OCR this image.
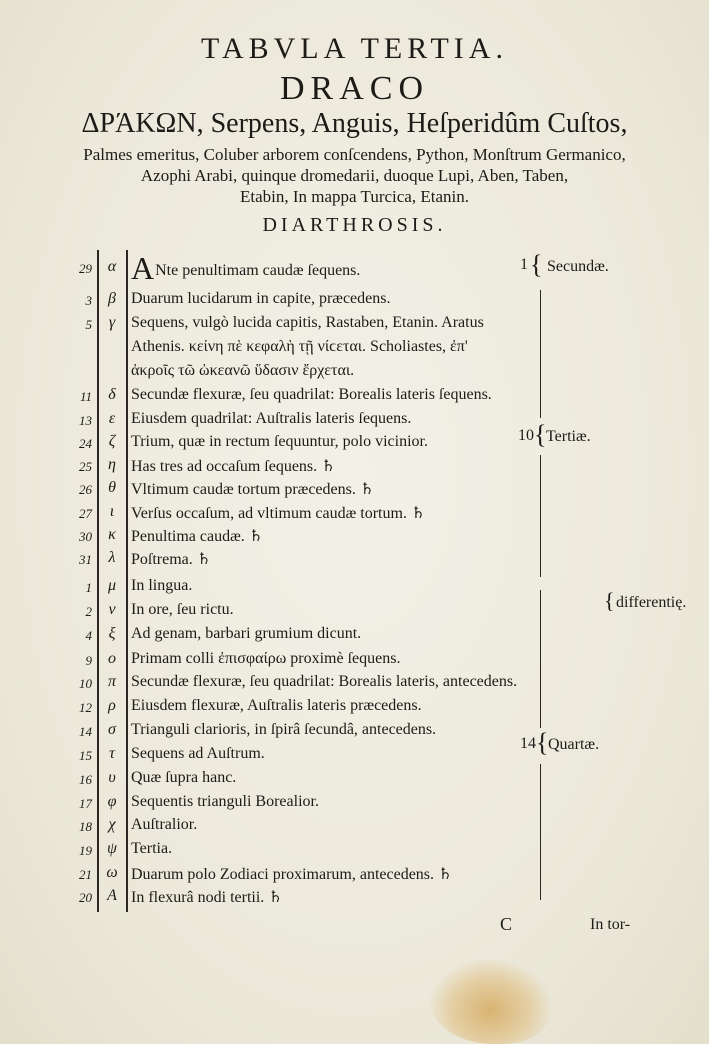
TABVLA TERTIA.
DRACO
ΔΡΆΚΩΝ, Serpens, Anguis, Heſperidûm Cuſtos,
Palmes emeritus, Coluber arborem conſcendens, Python, Monſtrum Germanico,
Azophi Arabi, quinque dromedarii, duoque Lupi, Aben, Taben,
Etabin, In mappa Turcica, Etanin.
DIARTHROSIS.
29 α ANte penultimam caudæ ſequens.
3	β Duarum lucidarum in capite, præcedens.
5	γ Sequens, vulgò lucida capitis, Rastaben, Etanin. Aratus
Athenis. κείνη πὲ κεφαλὴ τῇ νίϲεται. Scholiastes, ἐπ'
ἀκροῖς τῶ ὠκεανῶ ὕδασιν ἔρχεται.
11	δ Secundæ flexuræ, ſeu quadrilat: Borealis lateris ſequens.
13	ε Eiusdem quadrilat: Auſtralis lateris ſequens.
24	ζ Trium, quæ in rectum ſequuntur, polo vicinior.
25	η Has tres ad occaſum ſequens. ♄
26	θ Vltimum caudæ tortum præcedens. ♄
27	ι	Verſus occaſum, ad vltimum caudæ tortum. ♄
30	κ Penultima caudæ. ♄
31	λ Poſtrema. ♄
1 μ In lingua.
2	ν In ore, ſeu rictu.
4	ξ Ad genam, barbari grumium dicunt.
9	ο Primam colli ἐπισφαίρω proximè ſequens.
10 π Secundæ flexuræ, ſeu quadrilat: Borealis lateris, antecedens.
12	ρ Eiusdem flexuræ, Auſtralis lateris præcedens.
14	σ Trianguli clarioris, in ſpirâ ſecundâ, antecedens.
15	τ	Sequens ad Auſtrum.
16	υ Quæ ſupra hanc.
17 φ Sequentis trianguli Borealior.
18	χ Auſtralior.
19 ψ Tertia.
21 ω Duarum polo Zodiaci proximarum, antecedens. ♄
20 A In flexurâ nodi tertii. ♄
1 { Secundæ.
10 { Tertiæ.
{ differentię.
14 { Quartæ.
C	In tor-
